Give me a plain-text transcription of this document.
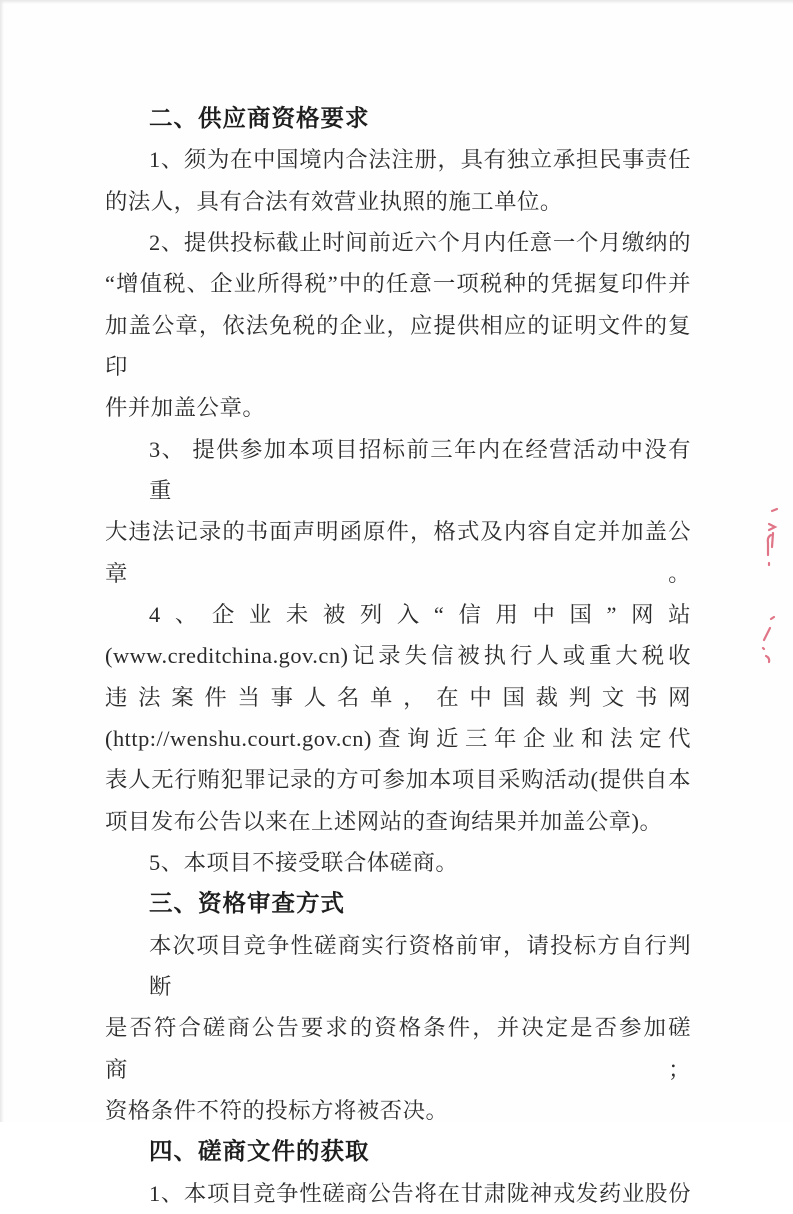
二、供应商资格要求
1、须为在中国境内合法注册，具有独立承担民事责任
的法人，具有合法有效营业执照的施工单位。
2、提供投标截止时间前近六个月内任意一个月缴纳的
“增值税、企业所得税”中的任意一项税种的凭据复印件并
加盖公章，依法免税的企业，应提供相应的证明文件的复印
件并加盖公章。
3、 提供参加本项目招标前三年内在经营活动中没有重
大违法记录的书面声明函原件，格式及内容自定并加盖公章。
4、企业未被列入“信用中国”网站
(www.creditchina.gov.cn)记录失信被执行人或重大税收
违法案件当事人名单，在中国裁判文书网
(http://wenshu.court.gov.cn)查询近三年企业和法定代
表人无行贿犯罪记录的方可参加本项目采购活动(提供自本
项目发布公告以来在上述网站的查询结果并加盖公章)。
5、本项目不接受联合体磋商。
三、资格审查方式
本次项目竞争性磋商实行资格前审，请投标方自行判断
是否符合磋商公告要求的资格条件，并决定是否参加磋商；
资格条件不符的投标方将被否决。
四、磋商文件的获取
1、本项目竞争性磋商公告将在甘肃陇神戎发药业股份
